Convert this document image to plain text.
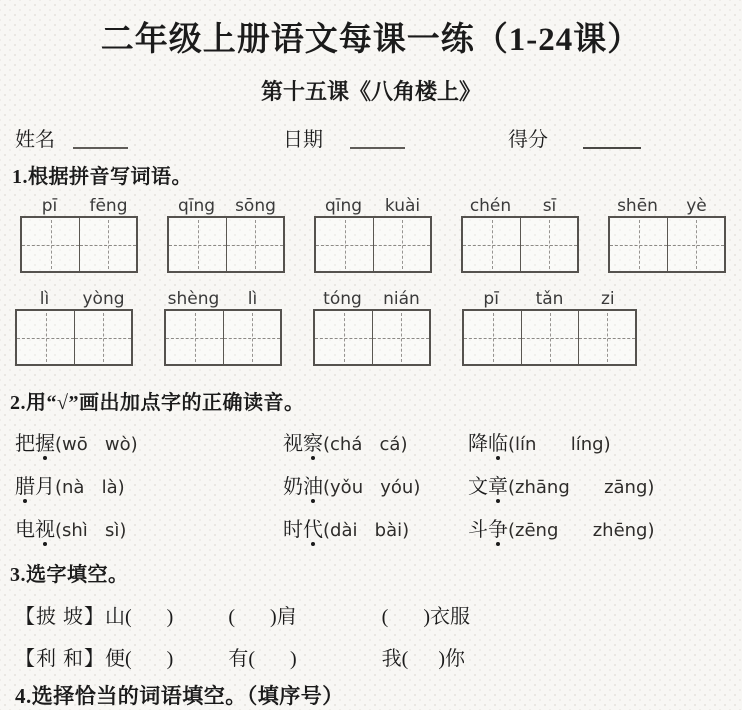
二年级上册语文每课一练（1-24课）
第十五课《八角楼上》
姓名	日期	得分
1.根据拼音写词语。
pī	fēng	qīng	sōng	qīng	kuài	chén	sī	shēn	yè
lì	yòng	shèng	lì	tóng	nián	pī	tǎn	zi
2.用“√”画出加点字的正确读音。
把握(wō   wò)	视察(chá   cá)	降临(lín      líng)
腊月(nà   là)	奶油(yǒu   yóu)	文章(zhāng      zāng)
电视(shì   sì)	时代(dài   bài)	斗争(zēng      zhēng)
3.选字填空。
【披 坡】 山(       )	(       )肩	(       )衣服
【利 和】 便(       )	有(       )	我(      )你
4.选择恰当的词语填空。（填序号）
